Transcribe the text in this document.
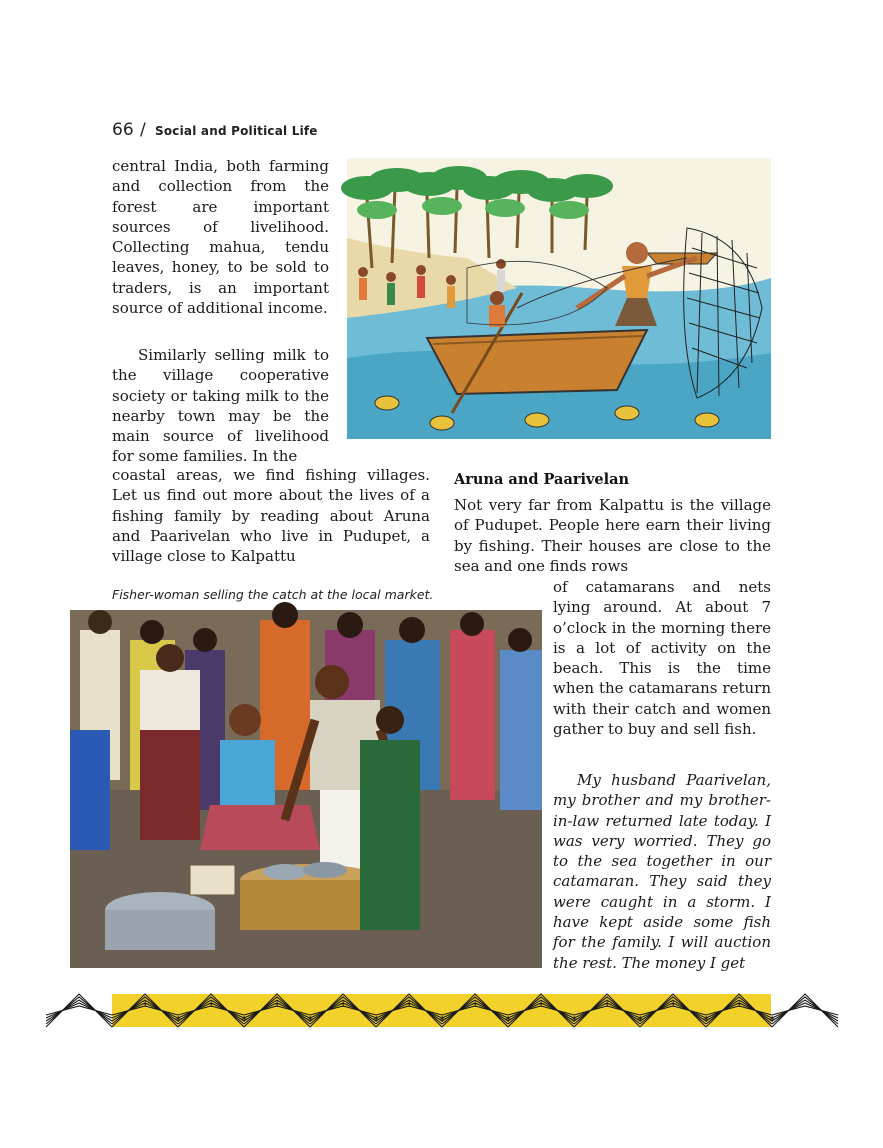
66 / Social and Political Life

central India, both farming and collection from the forest are important sources of livelihood. Collecting mahua, tendu leaves, honey, to be sold to traders, is an important source of additional income.

Similarly selling milk to the village cooperative society or taking milk to the nearby town may be the main source of livelihood for some families. In the

coastal areas, we find fishing villages. Let us find out more about the lives of a fishing family by reading about Aruna and Paarivelan who live in Pudupet, a village close to Kalpattu

Aruna and Paarivelan

Not very far from Kalpattu is the village of Pudupet. People here earn their living by fishing. Their houses are close to the sea and one finds rows

of catamarans and nets lying around. At about 7 o’clock in the morning there is a lot of activity on the beach. This is the time when the catamarans return with their catch and women gather to buy and sell fish.

My husband Paarivelan, my brother and my brother-in-law returned late today. I was very worried. They go to the sea together in our catamaran. They said they were caught in a storm. I have kept aside some fish for the family. I will auction the rest. The money I get

Fisher-woman selling the catch at the local market.
+
+
+
+
+
+
+
+
+
+
+
+
+
+
+
+
+
+
+
+
